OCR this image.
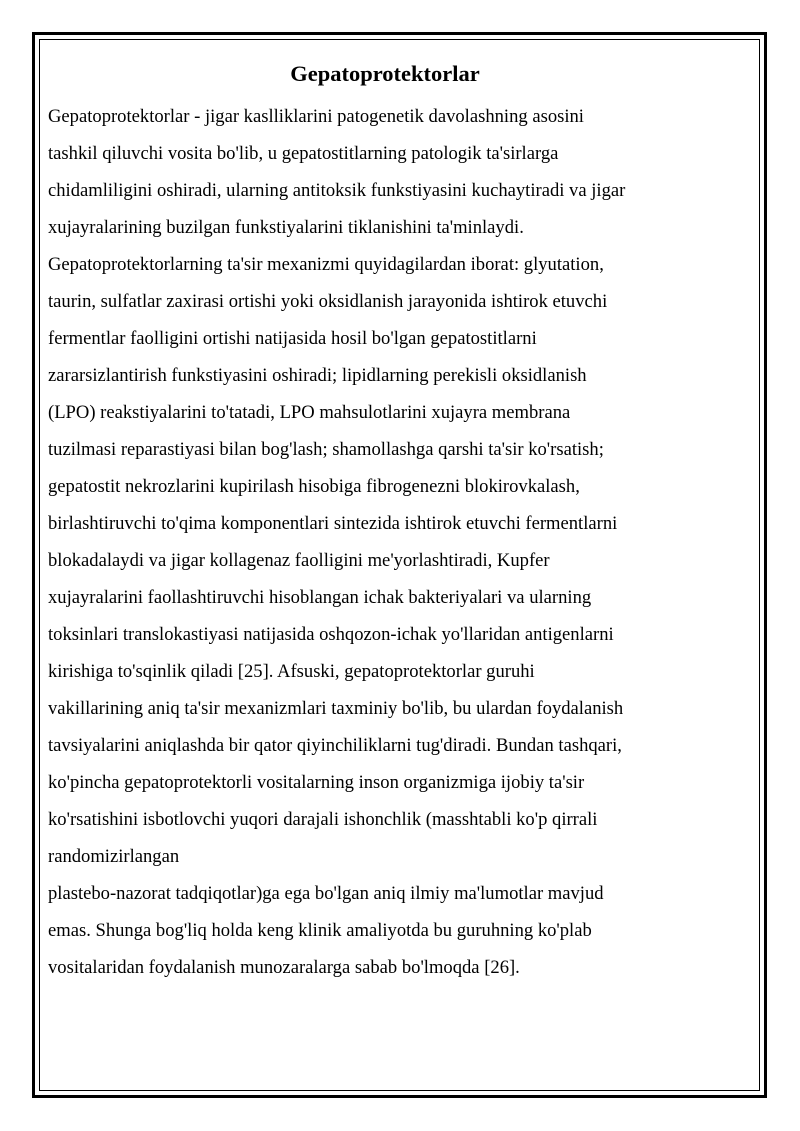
Gepatoprotektorlar
Gepatoprotektorlar - jigar kaslliklarini patogenetik davolashning asosini
tashkil qiluvchi vosita bo'lib, u gepatostitlarning patologik ta'sirlarga
chidamliligini oshiradi, ularning antitoksik funkstiyasini kuchaytiradi va jigar
xujayralarining buzilgan funkstiyalarini tiklanishini ta'minlaydi.
Gepatoprotektorlarning ta'sir mexanizmi quyidagilardan iborat: glyutation,
taurin, sulfatlar zaxirasi ortishi yoki oksidlanish jarayonida ishtirok etuvchi
fermentlar faolligini ortishi natijasida hosil bo'lgan gepatostitlarni
zararsizlantirish funkstiyasini oshiradi; lipidlarning perekisli oksidlanish
(LPO) reakstiyalarini to'tatadi, LPO mahsulotlarini xujayra membrana
tuzilmasi reparastiyasi bilan bog'lash; shamollashga qarshi ta'sir ko'rsatish;
gepatostit nekrozlarini kupirilash hisobiga fibrogenezni blokirovkalash,
birlashtiruvchi to'qima komponentlari sintezida ishtirok etuvchi fermentlarni
blokadalaydi va jigar kollagenaz faolligini me'yorlashtiradi, Kupfer
xujayralarini faollashtiruvchi hisoblangan ichak bakteriyalari va ularning
toksinlari translokastiyasi natijasida oshqozon-ichak yo'llaridan antigenlarni
kirishiga to'sqinlik qiladi [25]. Afsuski, gepatoprotektorlar guruhi
vakillarining aniq ta'sir mexanizmlari taxminiy bo'lib, bu ulardan foydalanish
tavsiyalarini aniqlashda bir qator qiyinchiliklarni tug'diradi. Bundan tashqari,
ko'pincha gepatoprotektorli vositalarning inson organizmiga ijobiy ta'sir
ko'rsatishini isbotlovchi yuqori darajali ishonchlik (masshtabli ko'p qirrali
randomizirlangan
plastebo-nazorat tadqiqotlar)ga ega bo'lgan aniq ilmiy ma'lumotlar mavjud
emas. Shunga bog'liq holda keng klinik amaliyotda bu guruhning ko'plab
vositalaridan foydalanish munozaralarga sabab bo'lmoqda [26].
